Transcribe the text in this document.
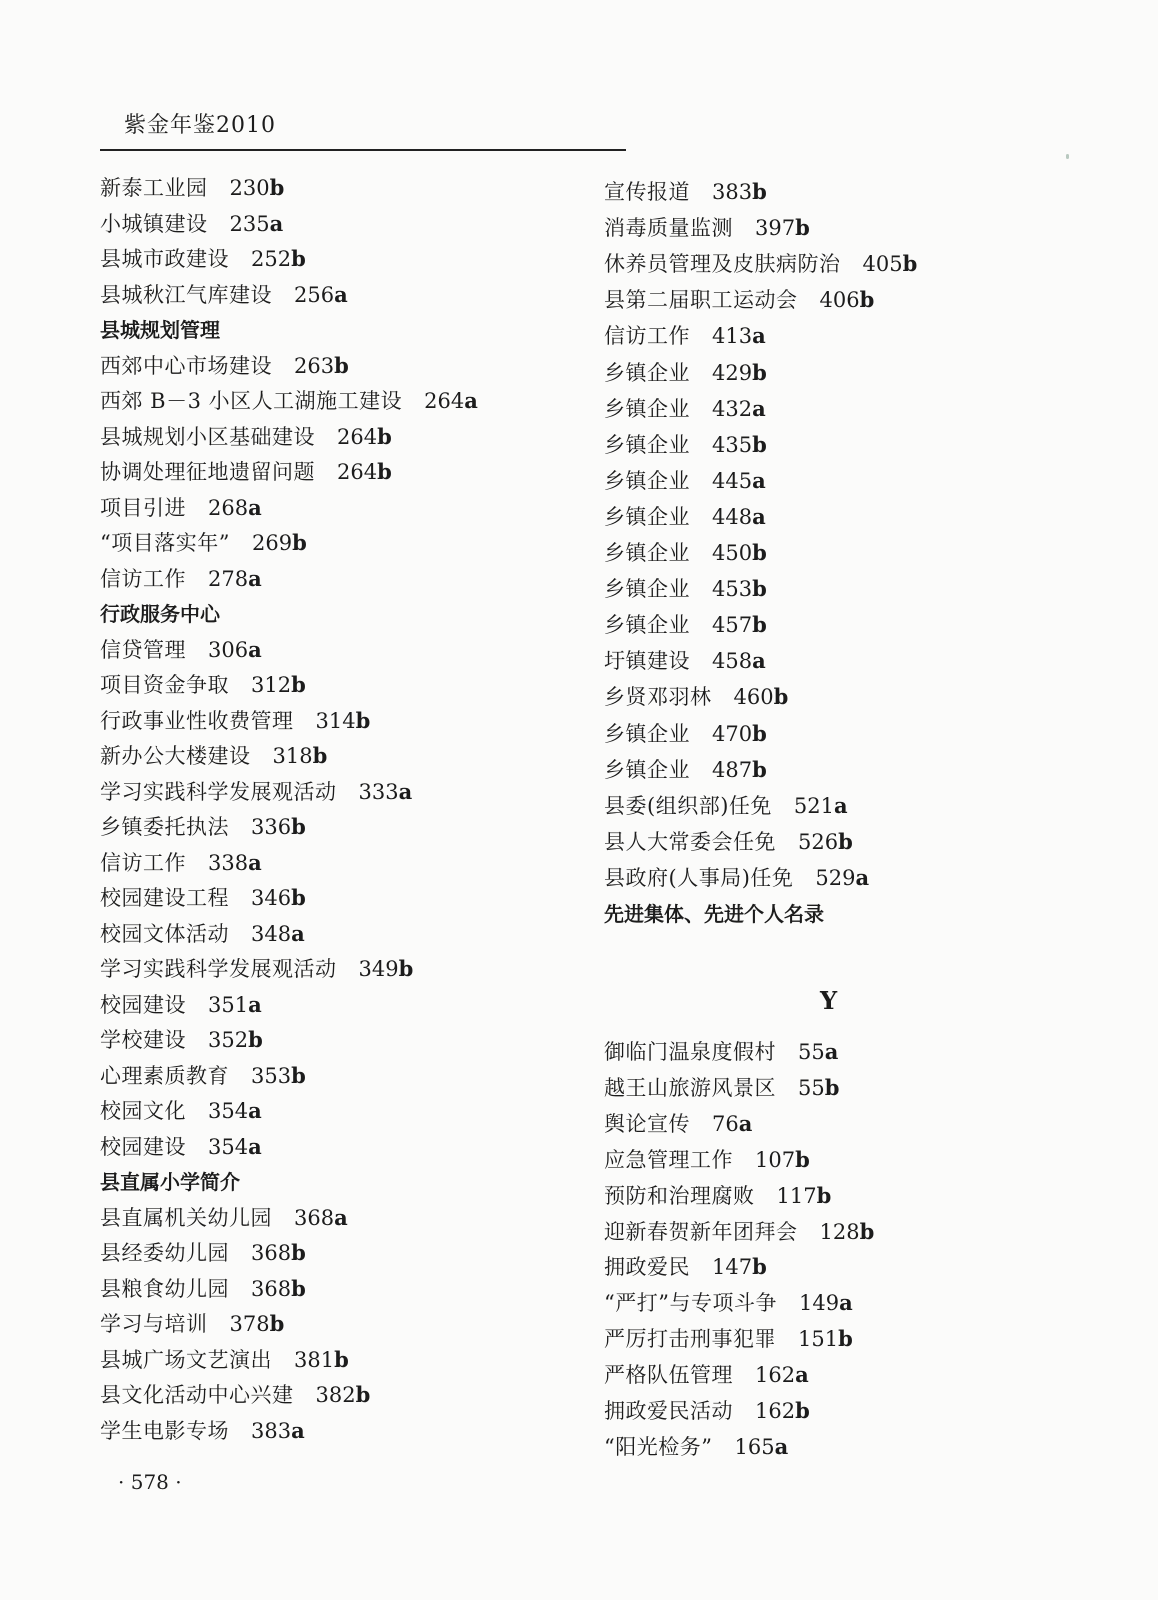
紫金年鉴2010
新泰工业园 230b
小城镇建设 235a
县城市政建设 252b
县城秋江气库建设 256a
县城规划管理
西郊中心市场建设 263b
西郊 B－3 小区人工湖施工建设 264a
县城规划小区基础建设 264b
协调处理征地遗留问题 264b
项目引进 268a
“项目落实年” 269b
信访工作 278a
行政服务中心
信贷管理 306a
项目资金争取 312b
行政事业性收费管理 314b
新办公大楼建设 318b
学习实践科学发展观活动 333a
乡镇委托执法 336b
信访工作 338a
校园建设工程 346b
校园文体活动 348a
学习实践科学发展观活动 349b
校园建设 351a
学校建设 352b
心理素质教育 353b
校园文化 354a
校园建设 354a
县直属小学简介
县直属机关幼儿园 368a
县经委幼儿园 368b
县粮食幼儿园 368b
学习与培训 378b
县城广场文艺演出 381b
县文化活动中心兴建 382b
学生电影专场 383a
宣传报道 383b
消毒质量监测 397b
休养员管理及皮肤病防治 405b
县第二届职工运动会 406b
信访工作 413a
乡镇企业 429b
乡镇企业 432a
乡镇企业 435b
乡镇企业 445a
乡镇企业 448a
乡镇企业 450b
乡镇企业 453b
乡镇企业 457b
圩镇建设 458a
乡贤邓羽林 460b
乡镇企业 470b
乡镇企业 487b
县委(组织部)任免 521a
县人大常委会任免 526b
县政府(人事局)任免 529a
先进集体、先进个人名录
御临门温泉度假村 55a
越王山旅游风景区 55b
舆论宣传 76a
应急管理工作 107b
预防和治理腐败 117b
迎新春贺新年团拜会 128b
拥政爱民 147b
“严打”与专项斗争 149a
严厉打击刑事犯罪 151b
严格队伍管理 162a
拥政爱民活动 162b
“阳光检务” 165a
Y
· 578 ·
